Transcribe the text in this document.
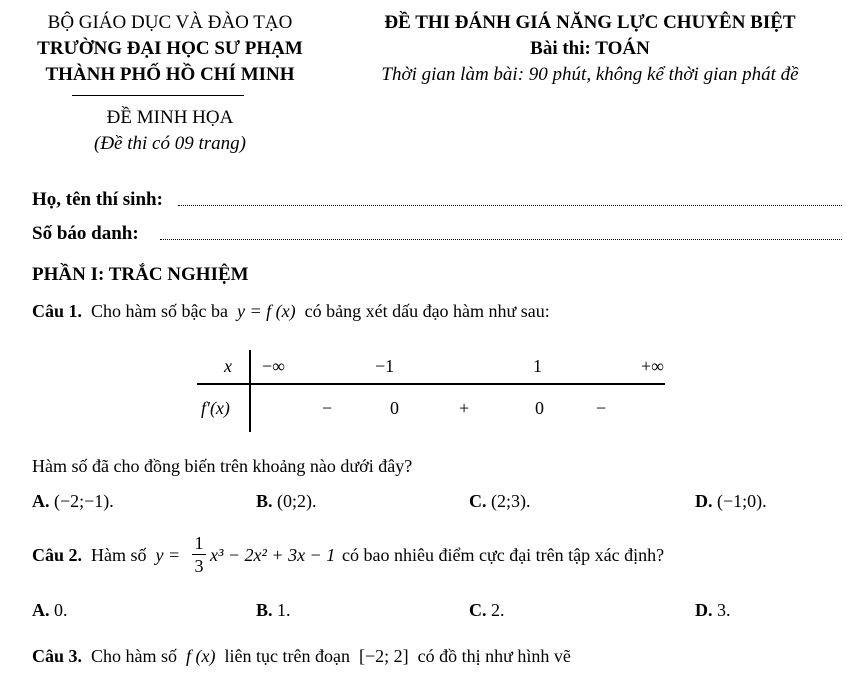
BỘ GIÁO DỤC VÀ ĐÀO TẠO
TRƯỜNG ĐẠI HỌC SƯ PHẠM
THÀNH PHỐ HỒ CHÍ MINH
ĐỀ THI ĐÁNH GIÁ NĂNG LỰC CHUYÊN BIỆT
Bài thi: TOÁN
Thời gian làm bài: 90 phút, không kể thời gian phát đề
ĐỀ MINH HỌA
(Đề thi có 09 trang)
Họ, tên thí sinh:
Số báo danh:
PHẦN I: TRẮC NGHIỆM
Câu 1. Cho hàm số bậc ba y = f (x) có bảng xét dấu đạo hàm như sau:
x
f′(x)
−∞	−1	1	+∞
−	0	+	0	−
Hàm số đã cho đồng biến trên khoảng nào dưới đây?
A. (−2;−1).	B. (0;2).	C. (2;3).	D. (−1;0).
Câu 2. Hàm số y =
1
3
x³ − 2x² + 3x − 1 có bao nhiêu điểm cực đại trên tập xác định?
A. 0.	B. 1.	C. 2.	D. 3.
Câu 3. Cho hàm số f (x) liên tục trên đoạn [−2; 2] có đồ thị như hình vẽ
